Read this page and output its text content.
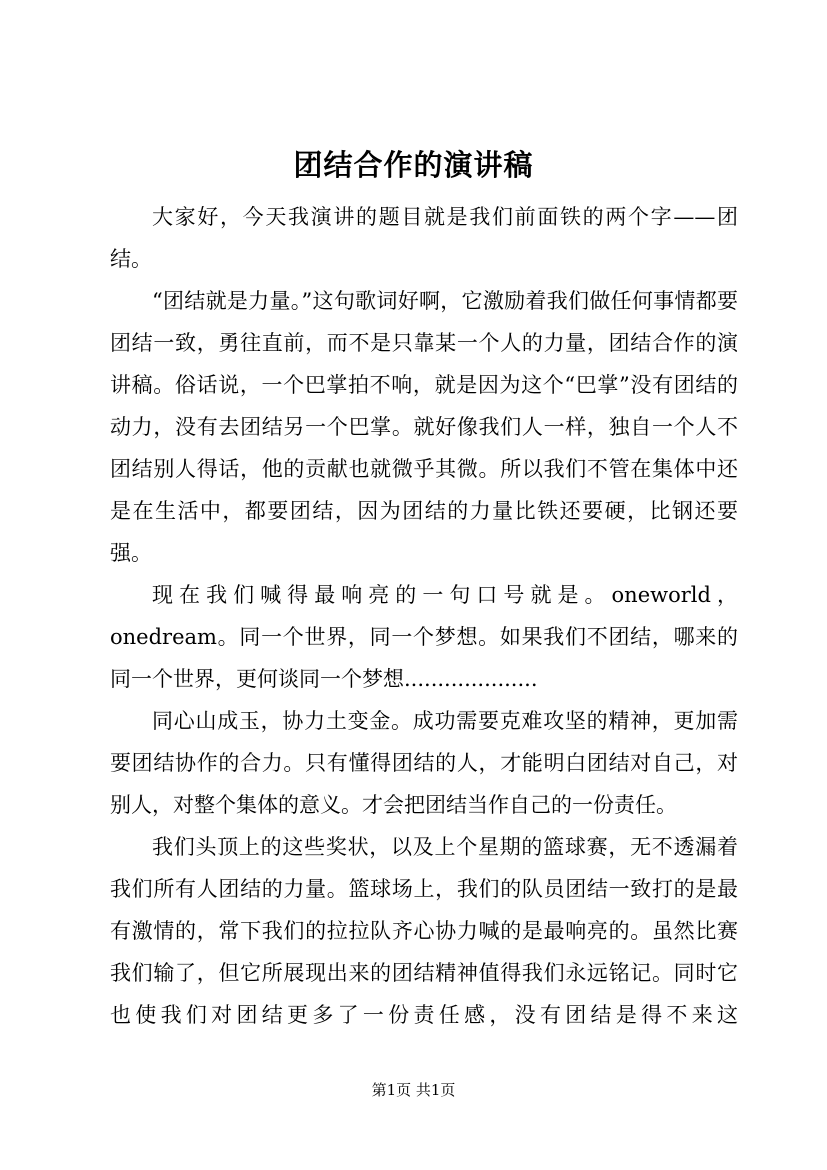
团结合作的演讲稿

大家好，今天我演讲的题目就是我们前面铁的两个字——团结。

“团结就是力量。”这句歌词好啊，它激励着我们做任何事情都要团结一致，勇往直前，而不是只靠某一个人的力量，团结合作的演讲稿。俗话说，一个巴掌拍不响，就是因为这个“巴掌”没有团结的动力，没有去团结另一个巴掌。就好像我们人一样，独自一个人不团结别人得话，他的贡献也就微乎其微。所以我们不管在集体中还是在生活中，都要团结，因为团结的力量比铁还要硬，比钢还要强。

现在我们喊得最响亮的一句口号就是。oneworld，onedream。同一个世界，同一个梦想。如果我们不团结，哪来的同一个世界，更何谈同一个梦想....................

同心山成玉，协力土变金。成功需要克难攻坚的精神，更加需要团结协作的合力。只有懂得团结的人，才能明白团结对自己，对别人，对整个集体的意义。才会把团结当作自己的一份责任。

我们头顶上的这些奖状，以及上个星期的篮球赛，无不透漏着我们所有人团结的力量。篮球场上，我们的队员团结一致打的是最有激情的，常下我们的拉拉队齐心协力喊的是最响亮的。虽然比赛我们输了，但它所展现出来的团结精神值得我们永远铭记。同时它也使我们对团结更多了一份责任感，没有团结是得不来这

第1页 共1页
